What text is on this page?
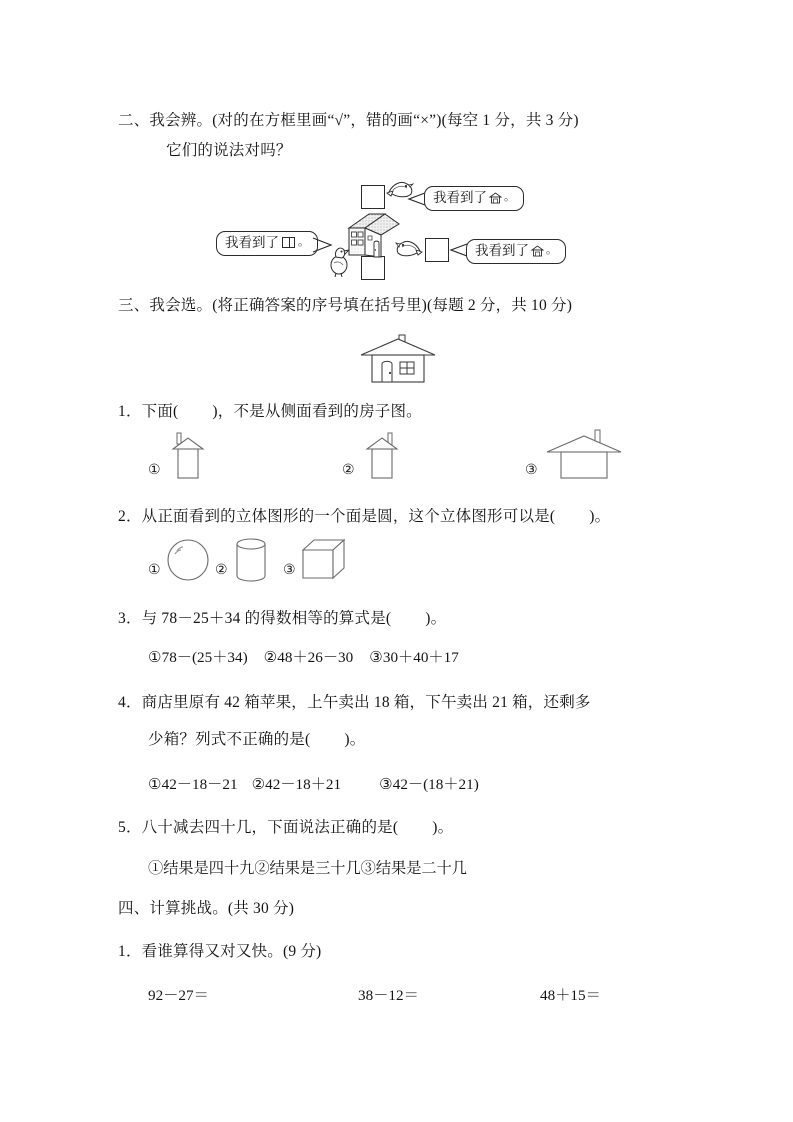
二、我会辨。(对的在方框里画“√”，错的画“×”)(每空 1 分，共 3 分)
它们的说法对吗？
我看到了 。
我看到了 。
我看到了 。
三、我会选。(将正确答案的序号填在括号里)(每题 2 分，共 10 分)
1．下面( )，不是从侧面看到的房子图。
①	②	③
2．从正面看到的立体图形的一个面是圆，这个立体图形可以是( )。
①	②	③
3．与 78－25＋34 的得数相等的算式是( )。
①78－(25＋34) ②48＋26－30 ③30＋40＋17
4．商店里原有 42 箱苹果，上午卖出 18 箱，下午卖出 21 箱，还剩多
少箱？列式不正确的是( )。
①42－18－21 ②42－18＋21	③42－(18＋21)
5．八十减去四十几，下面说法正确的是( )。
①结果是四十九②结果是三十几③结果是二十几
四、计算挑战。(共 30 分)
1．看谁算得又对又快。(9 分)
92－27＝	38－12＝	48＋15＝
